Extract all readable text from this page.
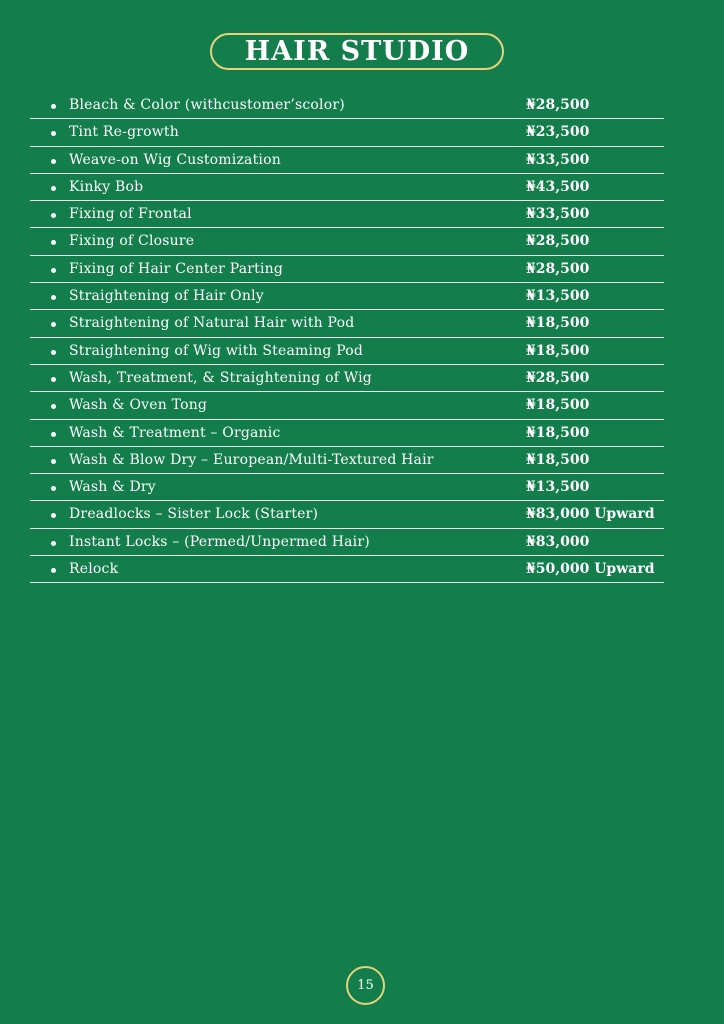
HAIR STUDIO
Bleach & Color (withcustomer’scolor)	₦28,500
Tint Re-growth	₦23,500
Weave-on Wig Customization	₦33,500
Kinky Bob	₦43,500
Fixing of Frontal	₦33,500
Fixing of Closure	₦28,500
Fixing of Hair Center Parting	₦28,500
Straightening of Hair Only	₦13,500
Straightening of Natural Hair with Pod	₦18,500
Straightening of Wig with Steaming Pod	₦18,500
Wash, Treatment, & Straightening of Wig	₦28,500
Wash & Oven Tong	₦18,500
Wash & Treatment – Organic	₦18,500
Wash & Blow Dry – European/Multi-Textured Hair	₦18,500
Wash & Dry	₦13,500
Dreadlocks – Sister Lock (Starter)	₦83,000 Upward
Instant Locks – (Permed/Unpermed Hair)	₦83,000
Relock	₦50,000 Upward
15
